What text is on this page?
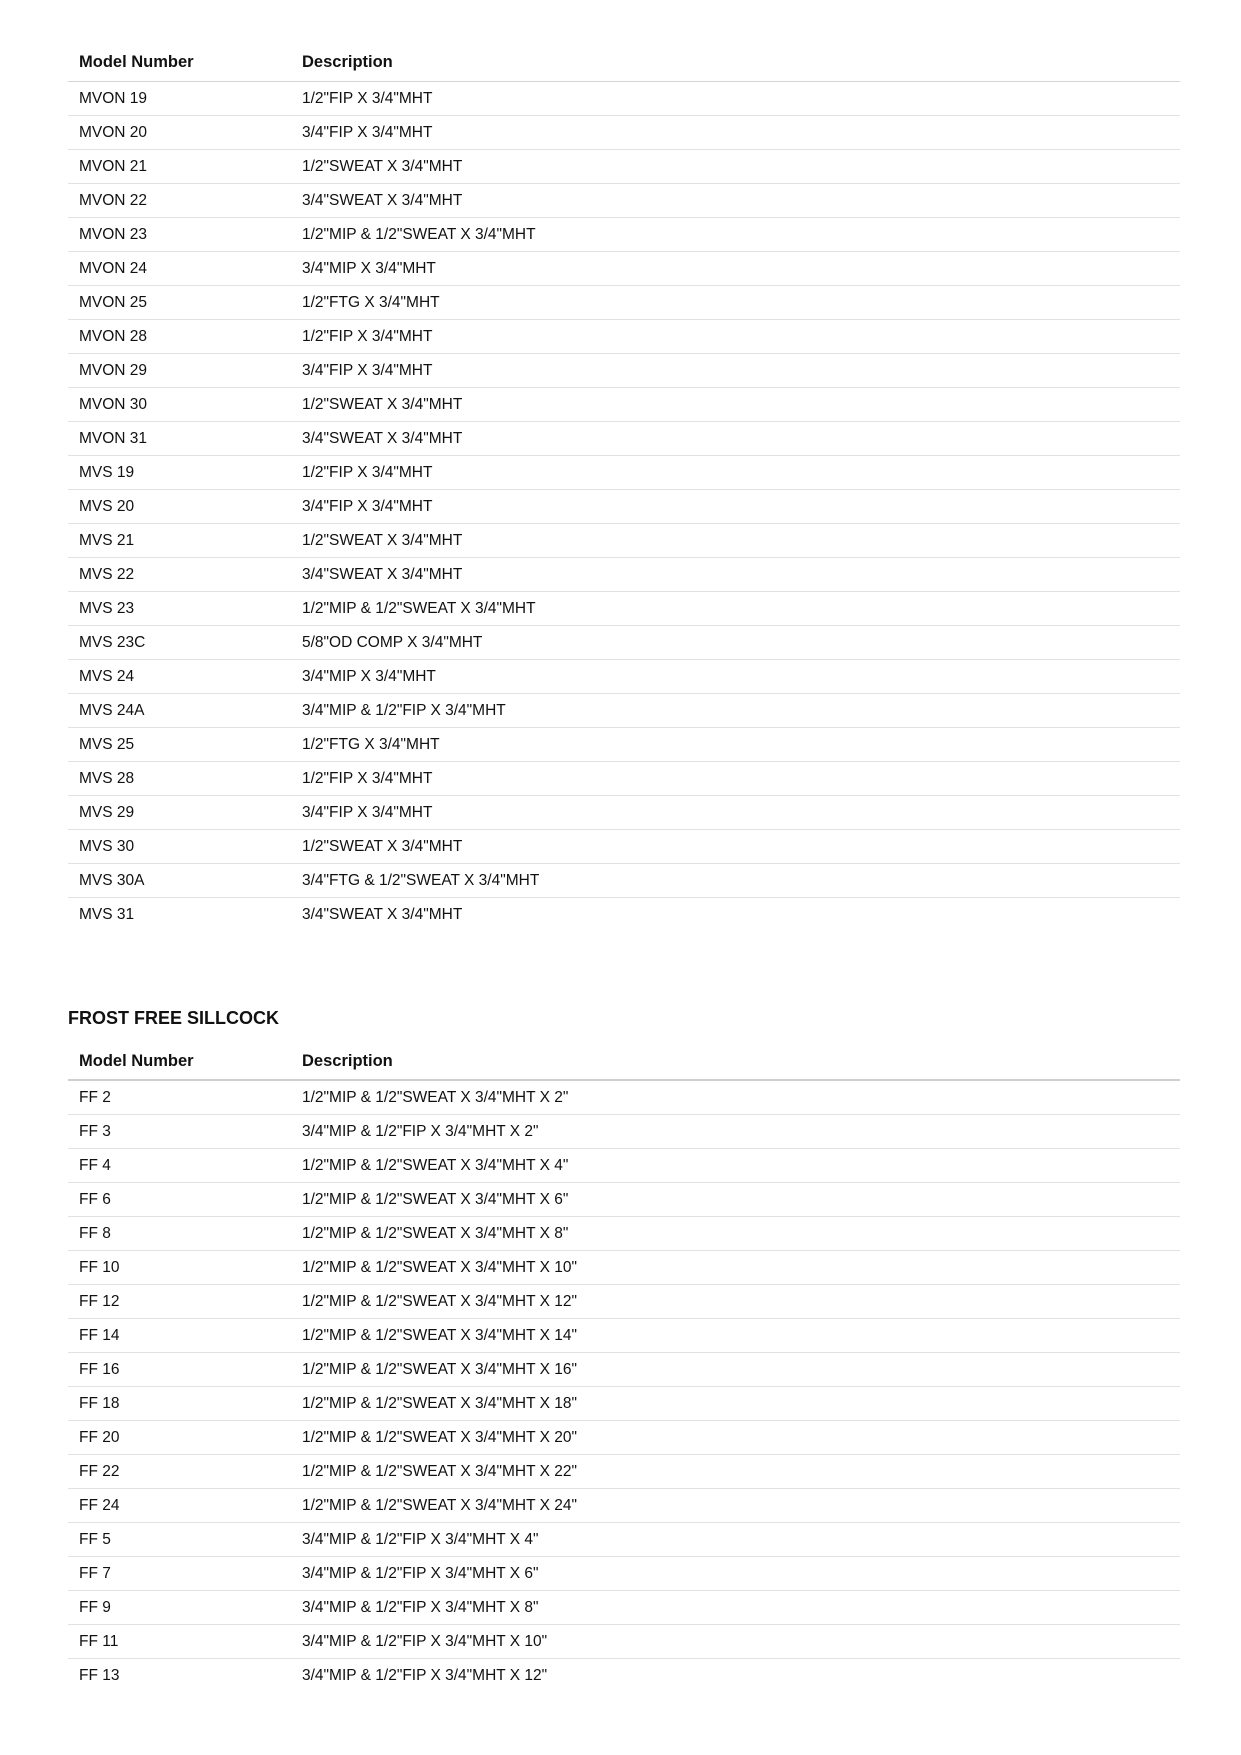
Model Number	Description
MVON 19	1/2"FIP X 3/4"MHT
MVON 20	3/4"FIP X 3/4"MHT
MVON 21	1/2"SWEAT X 3/4"MHT
MVON 22	3/4"SWEAT X 3/4"MHT
MVON 23	1/2"MIP & 1/2"SWEAT X 3/4"MHT
MVON 24	3/4"MIP X 3/4"MHT
MVON 25	1/2"FTG X 3/4"MHT
MVON 28	1/2"FIP X 3/4"MHT
MVON 29	3/4"FIP X 3/4"MHT
MVON 30	1/2"SWEAT X 3/4"MHT
MVON 31	3/4"SWEAT X 3/4"MHT
MVS 19	1/2"FIP X 3/4"MHT
MVS 20	3/4"FIP X 3/4"MHT
MVS 21	1/2"SWEAT X 3/4"MHT
MVS 22	3/4"SWEAT X 3/4"MHT
MVS 23	1/2"MIP & 1/2"SWEAT X 3/4"MHT
MVS 23C	5/8"OD COMP X 3/4"MHT
MVS 24	3/4"MIP X 3/4"MHT
MVS 24A	3/4"MIP & 1/2"FIP X 3/4"MHT
MVS 25	1/2"FTG X 3/4"MHT
MVS 28	1/2"FIP X 3/4"MHT
MVS 29	3/4"FIP X 3/4"MHT
MVS 30	1/2"SWEAT X 3/4"MHT
MVS 30A	3/4"FTG & 1/2"SWEAT X 3/4"MHT
MVS 31	3/4"SWEAT X 3/4"MHT
FROST FREE SILLCOCK
Model Number	Description
FF 2	1/2"MIP & 1/2"SWEAT X 3/4"MHT X 2"
FF 3	3/4"MIP & 1/2"FIP X 3/4"MHT X 2"
FF 4	1/2"MIP & 1/2"SWEAT X 3/4"MHT X 4"
FF 6	1/2"MIP & 1/2"SWEAT X 3/4"MHT X 6"
FF 8	1/2"MIP & 1/2"SWEAT X 3/4"MHT X 8"
FF 10	1/2"MIP & 1/2"SWEAT X 3/4"MHT X 10"
FF 12	1/2"MIP & 1/2"SWEAT X 3/4"MHT X 12"
FF 14	1/2"MIP & 1/2"SWEAT X 3/4"MHT X 14"
FF 16	1/2"MIP & 1/2"SWEAT X 3/4"MHT X 16"
FF 18	1/2"MIP & 1/2"SWEAT X 3/4"MHT X 18"
FF 20	1/2"MIP & 1/2"SWEAT X 3/4"MHT X 20"
FF 22	1/2"MIP & 1/2"SWEAT X 3/4"MHT X 22"
FF 24	1/2"MIP & 1/2"SWEAT X 3/4"MHT X 24"
FF 5	3/4"MIP & 1/2"FIP X 3/4"MHT X 4"
FF 7	3/4"MIP & 1/2"FIP X 3/4"MHT X 6"
FF 9	3/4"MIP & 1/2"FIP X 3/4"MHT X 8"
FF 11	3/4"MIP & 1/2"FIP X 3/4"MHT X 10"
FF 13	3/4"MIP & 1/2"FIP X 3/4"MHT X 12"
